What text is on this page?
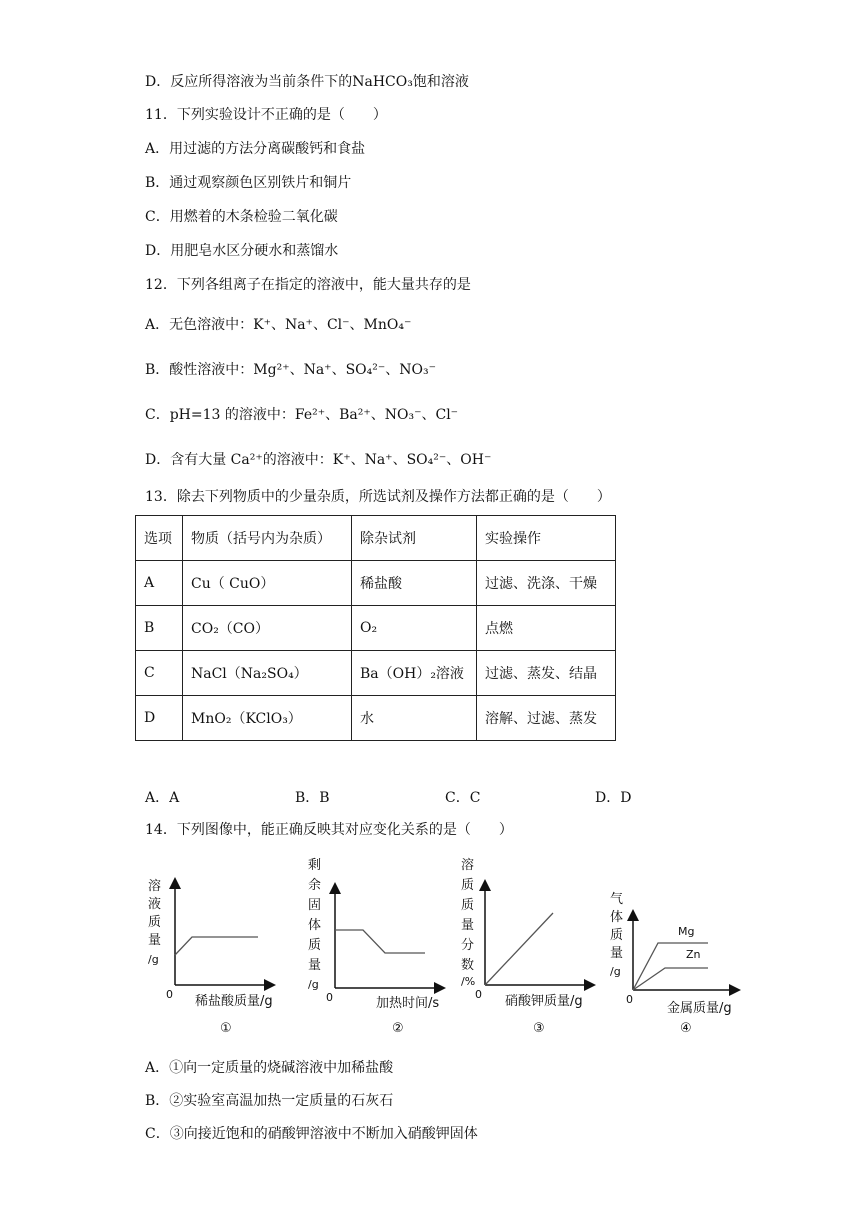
D．反应所得溶液为当前条件下的NaHCO₃饱和溶液
11．下列实验设计不正确的是（　　）
A．用过滤的方法分离碳酸钙和食盐
B．通过观察颜色区别铁片和铜片
C．用燃着的木条检验二氧化碳
D．用肥皂水区分硬水和蒸馏水
12．下列各组离子在指定的溶液中，能大量共存的是
A．无色溶液中：K⁺、Na⁺、Cl⁻、MnO₄⁻
B．酸性溶液中：Mg²⁺、Na⁺、SO₄²⁻、NO₃⁻
C．pH=13 的溶液中：Fe²⁺、Ba²⁺、NO₃⁻、Cl⁻
D．含有大量 Ca²⁺的溶液中：K⁺、Na⁺、SO₄²⁻、OH⁻
13．除去下列物质中的少量杂质，所选试剂及操作方法都正确的是（　　）
选项	物质（括号内为杂质）	除杂试剂	实验操作
A	Cu（ CuO）	稀盐酸	过滤、洗涤、干燥
B	CO₂（CO）	O₂	点燃
C	NaCl（Na₂SO₄）	Ba（OH）₂溶液	过滤、蒸发、结晶
D	MnO₂（KClO₃）	水	溶解、过滤、蒸发
A．A	B．B	C．C	D．D
14．下列图像中，能正确反映其对应变化关系的是（　　）
溶
液
质
量
/g
0 稀盐酸质量/g
①
剩
余
固
体
质
量
/g
0	加热时间/s
②
溶
质
质
量
分
数
/%
0 硝酸钾质量/g
③
气
体
质
量
/g
Mg
Zn
0
金属质量/g
④
A．①向一定质量的烧碱溶液中加稀盐酸
B．②实验室高温加热一定质量的石灰石
C．③向接近饱和的硝酸钾溶液中不断加入硝酸钾固体
